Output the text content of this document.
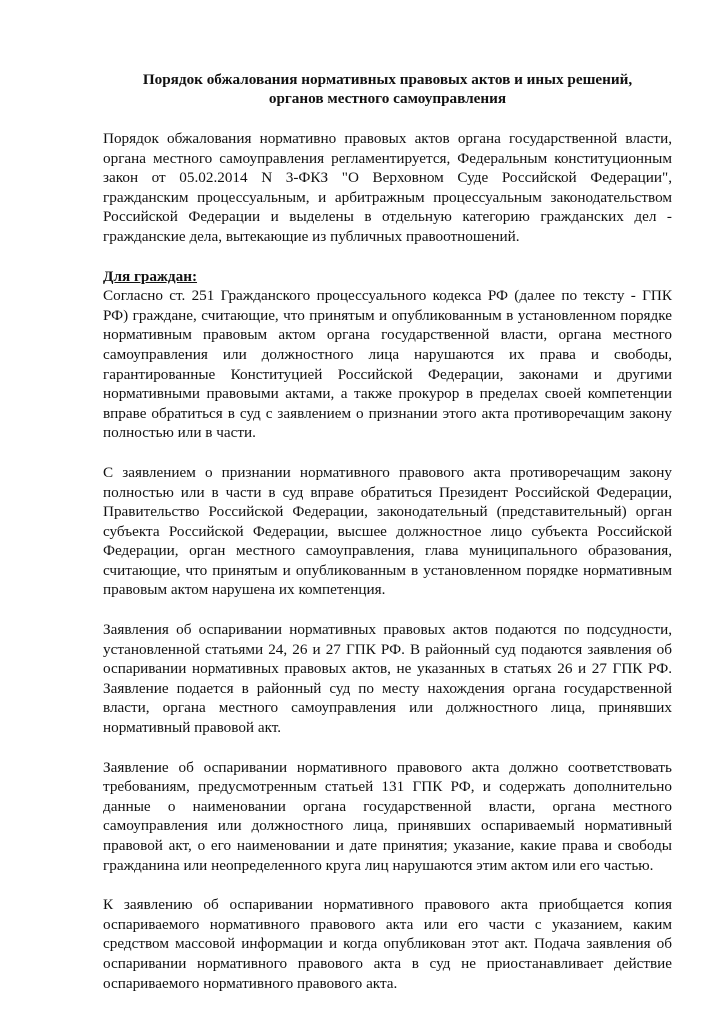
Порядок обжалования нормативных правовых актов и иных решений,
органов местного самоуправления

Порядок обжалования нормативно правовых актов органа государственной власти, органа местного самоуправления регламентируется, Федеральным конституционным закон от 05.02.2014 N 3-ФКЗ "О Верховном Суде Российской Федерации", гражданским процессуальным, и арбитражным процессуальным законодательством Российской Федерации и выделены в отдельную категорию гражданских дел - гражданские дела, вытекающие из публичных правоотношений.

Для граждан:
Согласно ст. 251 Гражданского процессуального кодекса РФ (далее по тексту - ГПК РФ) граждане, считающие, что принятым и опубликованным в установленном порядке нормативным правовым актом органа государственной власти, органа местного самоуправления или должностного лица нарушаются их права и свободы, гарантированные Конституцией Российской Федерации, законами и другими нормативными правовыми актами, а также прокурор в пределах своей компетенции вправе обратиться в суд с заявлением о признании этого акта противоречащим закону полностью или в части.

С заявлением о признании нормативного правового акта противоречащим закону полностью или в части в суд вправе обратиться Президент Российской Федерации, Правительство Российской Федерации, законодательный (представительный) орган субъекта Российской Федерации, высшее должностное лицо субъекта Российской Федерации, орган местного самоуправления, глава муниципального образования, считающие, что принятым и опубликованным в установленном порядке нормативным правовым актом нарушена их компетенция.

Заявления об оспаривании нормативных правовых актов подаются по подсудности, установленной статьями 24, 26 и 27 ГПК РФ. В районный суд подаются заявления об оспаривании нормативных правовых актов, не указанных в статьях 26 и 27 ГПК РФ. Заявление подается в районный суд по месту нахождения органа государственной власти, органа местного самоуправления или должностного лица, принявших нормативный правовой акт.

Заявление об оспаривании нормативного правового акта должно соответствовать требованиям, предусмотренным статьей 131 ГПК РФ, и содержать дополнительно данные о наименовании органа государственной власти, органа местного самоуправления или должностного лица, принявших оспариваемый нормативный правовой акт, о его наименовании и дате принятия; указание, какие права и свободы гражданина или неопределенного круга лиц нарушаются этим актом или его частью.

К заявлению об оспаривании нормативного правового акта приобщается копия оспариваемого нормативного правового акта или его части с указанием, каким средством массовой информации и когда опубликован этот акт. Подача заявления об оспаривании нормативного правового акта в суд не приостанавливает действие оспариваемого нормативного правового акта.
